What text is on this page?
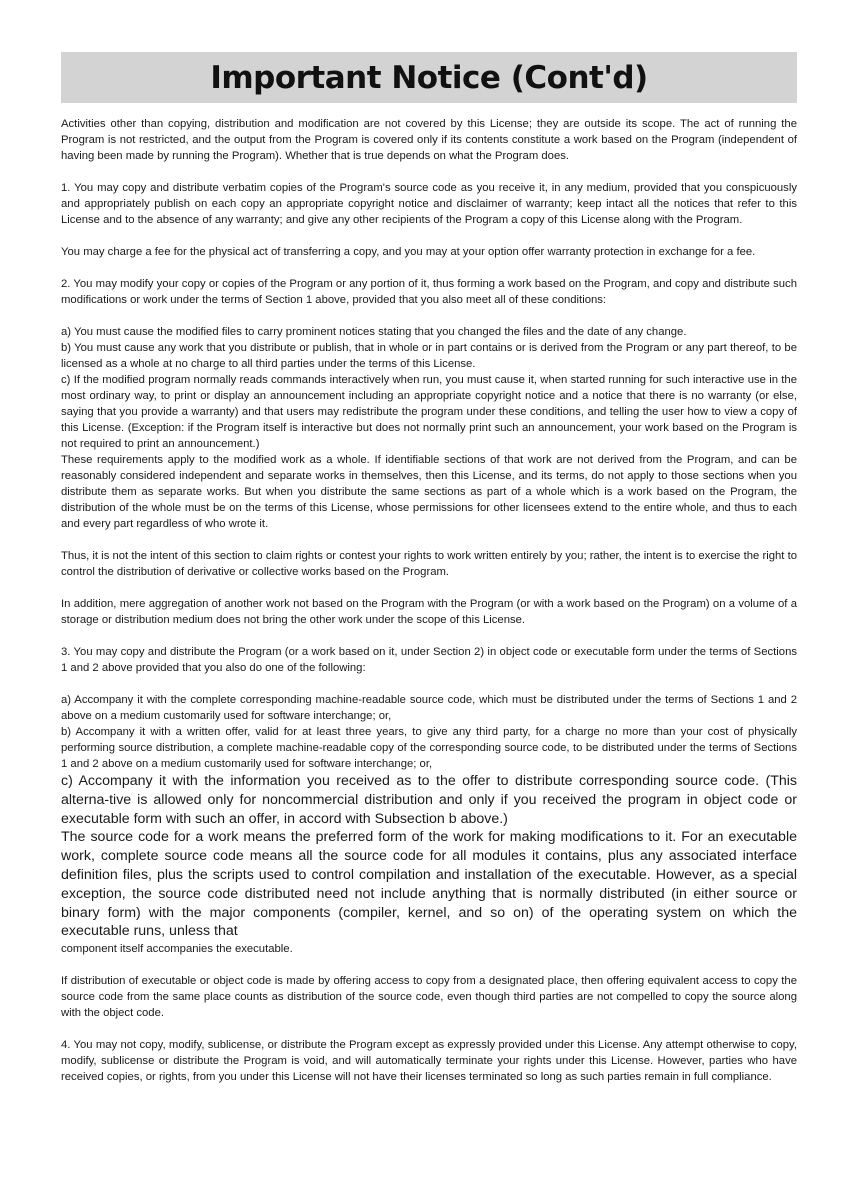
Important Notice (Cont'd)

Activities other than copying, distribution and modification are not covered by this License; they are outside its scope. The act of running the Program is not restricted, and the output from the Program is covered only if its contents constitute a work based on the Program (independent of having been made by running the Program). Whether that is true depends on what the Program does.

1. You may copy and distribute verbatim copies of the Program's source code as you receive it, in any medium, provided that you conspicuously and appropriately publish on each copy an appropriate copyright notice and disclaimer of warranty; keep intact all the notices that refer to this License and to the absence of any warranty; and give any other recipients of the Program a copy of this License along with the Program.

You may charge a fee for the physical act of transferring a copy, and you may at your option offer warranty protection in exchange for a fee.

2. You may modify your copy or copies of the Program or any portion of it, thus forming a work based on the Program, and copy and distribute such modifications or work under the terms of Section 1 above, provided that you also meet all of these conditions:

a) You must cause the modified files to carry prominent notices stating that you changed the files and the date of any change.

b) You must cause any work that you distribute or publish, that in whole or in part contains or is derived from the Program or any part thereof, to be licensed as a whole at no charge to all third parties under the terms of this License.

c) If the modified program normally reads commands interactively when run, you must cause it, when started running for such interactive use in the most ordinary way, to print or display an announcement including an appropriate copyright notice and a notice that there is no warranty (or else, saying that you provide a warranty) and that users may redistribute the program under these conditions, and telling the user how to view a copy of this License. (Exception: if the Program itself is interactive but does not normally print such an announcement, your work based on the Program is not required to print an announcement.)

These requirements apply to the modified work as a whole. If identifiable sections of that work are not derived from the Program, and can be reasonably considered independent and separate works in themselves, then this License, and its terms, do not apply to those sections when you distribute them as separate works. But when you distribute the same sections as part of a whole which is a work based on the Program, the distribution of the whole must be on the terms of this License, whose permissions for other licensees extend to the entire whole, and thus to each and every part regardless of who wrote it.

Thus, it is not the intent of this section to claim rights or contest your rights to work written entirely by you; rather, the intent is to exercise the right to control the distribution of derivative or collective works based on the Program.

In addition, mere aggregation of another work not based on the Program with the Program (or with a work based on the Program) on a volume of a storage or distribution medium does not bring the other work under the scope of this License.

3. You may copy and distribute the Program (or a work based on it, under Section 2) in object code or executable form under the terms of Sections 1 and 2 above provided that you also do one of the following:

a) Accompany it with the complete corresponding machine-readable source code, which must be distributed under the terms of Sections 1 and 2 above on a medium customarily used for software interchange; or,

b) Accompany it with a written offer, valid for at least three years, to give any third party, for a charge no more than your cost of physically performing source distribution, a complete machine-readable copy of the corresponding source code, to be distributed under the terms of Sections 1 and 2 above on a medium customarily used for software interchange; or,

c) Accompany it with the information you received as to the offer to distribute corresponding source code. (This alterna-tive is allowed only for noncommercial distribution and only if you received the program in object code or executable form with such an offer, in accord with Subsection b above.)

The source code for a work means the preferred form of the work for making modifications to it. For an executable work, complete source code means all the source code for all modules it contains, plus any associated interface definition files, plus the scripts used to control compilation and installation of the executable. However, as a special exception, the source code distributed need not include anything that is normally distributed (in either source or binary form) with the major components (compiler, kernel, and so on) of the operating system on which the executable runs, unless that
component itself accompanies the executable.

If distribution of executable or object code is made by offering access to copy from a designated place, then offering equivalent access to copy the source code from the same place counts as distribution of the source code, even though third parties are not compelled to copy the source along with the object code.

4. You may not copy, modify, sublicense, or distribute the Program except as expressly provided under this License. Any attempt otherwise to copy, modify, sublicense or distribute the Program is void, and will automatically terminate your rights under this License. However, parties who have received copies, or rights, from you under this License will not have their licenses terminated so long as such parties remain in full compliance.
